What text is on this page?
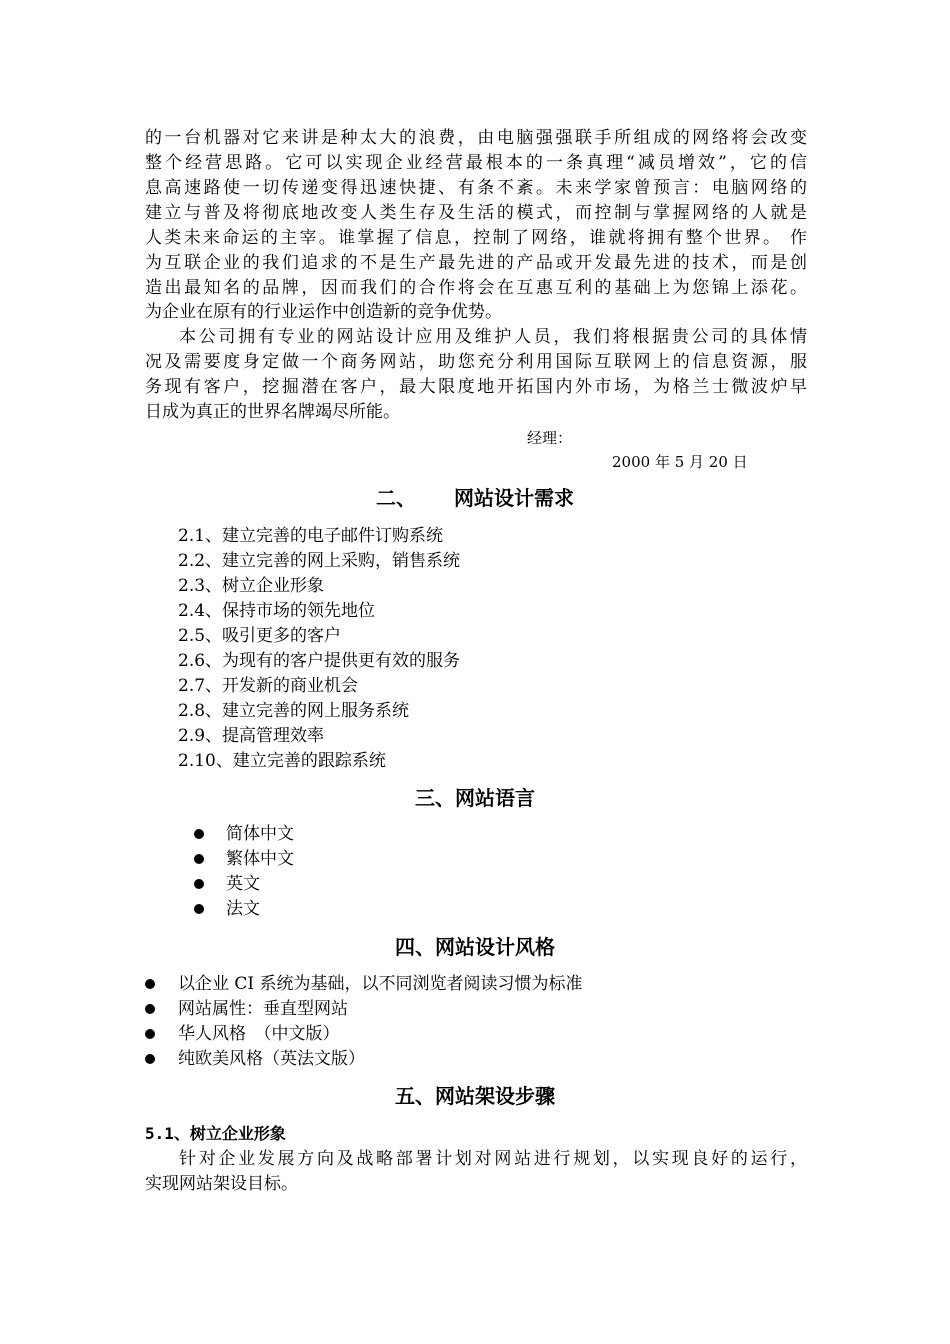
的一台机器对它来讲是种太大的浪费，由电脑强强联手所组成的网络将会改变
整个经营思路。它可以实现企业经营最根本的一条真理“减员增效”，它的信
息高速路使一切传递变得迅速快捷、有条不紊。未来学家曾预言：电脑网络的
建立与普及将彻底地改变人类生存及生活的模式，而控制与掌握网络的人就是
人类未来命运的主宰。谁掌握了信息，控制了网络，谁就将拥有整个世界。 作
为互联企业的我们追求的不是生产最先进的产品或开发最先进的技术，而是创
造出最知名的品牌，因而我们的合作将会在互惠互利的基础上为您锦上添花。
为企业在原有的行业运作中创造新的竞争优势。
本公司拥有专业的网站设计应用及维护人员，我们将根据贵公司的具体情
况及需要度身定做一个商务网站，助您充分利用国际互联网上的信息资源，服
务现有客户，挖掘潜在客户，最大限度地开拓国内外市场，为格兰士微波炉早
日成为真正的世界名牌竭尽所能。
经理：
2000 年 5 月 20 日
二、 网站设计需求
2.1、建立完善的电子邮件订购系统
2.2、建立完善的网上采购，销售系统
2.3、树立企业形象
2.4、保持市场的领先地位
2.5、吸引更多的客户
2.6、为现有的客户提供更有效的服务
2.7、开发新的商业机会
2.8、建立完善的网上服务系统
2.9、提高管理效率
2.10、建立完善的跟踪系统
三、网站语言
简体中文
繁体中文
英文
法文
四、网站设计风格
以企业 CI 系统为基础，以不同浏览者阅读习惯为标准
网站属性：垂直型网站
华人风格　（中文版）
纯欧美风格（英法文版）
五、网站架设步骤
5.1、树立企业形象
针对企业发展方向及战略部署计划对网站进行规划，以实现良好的运行，
实现网站架设目标。
